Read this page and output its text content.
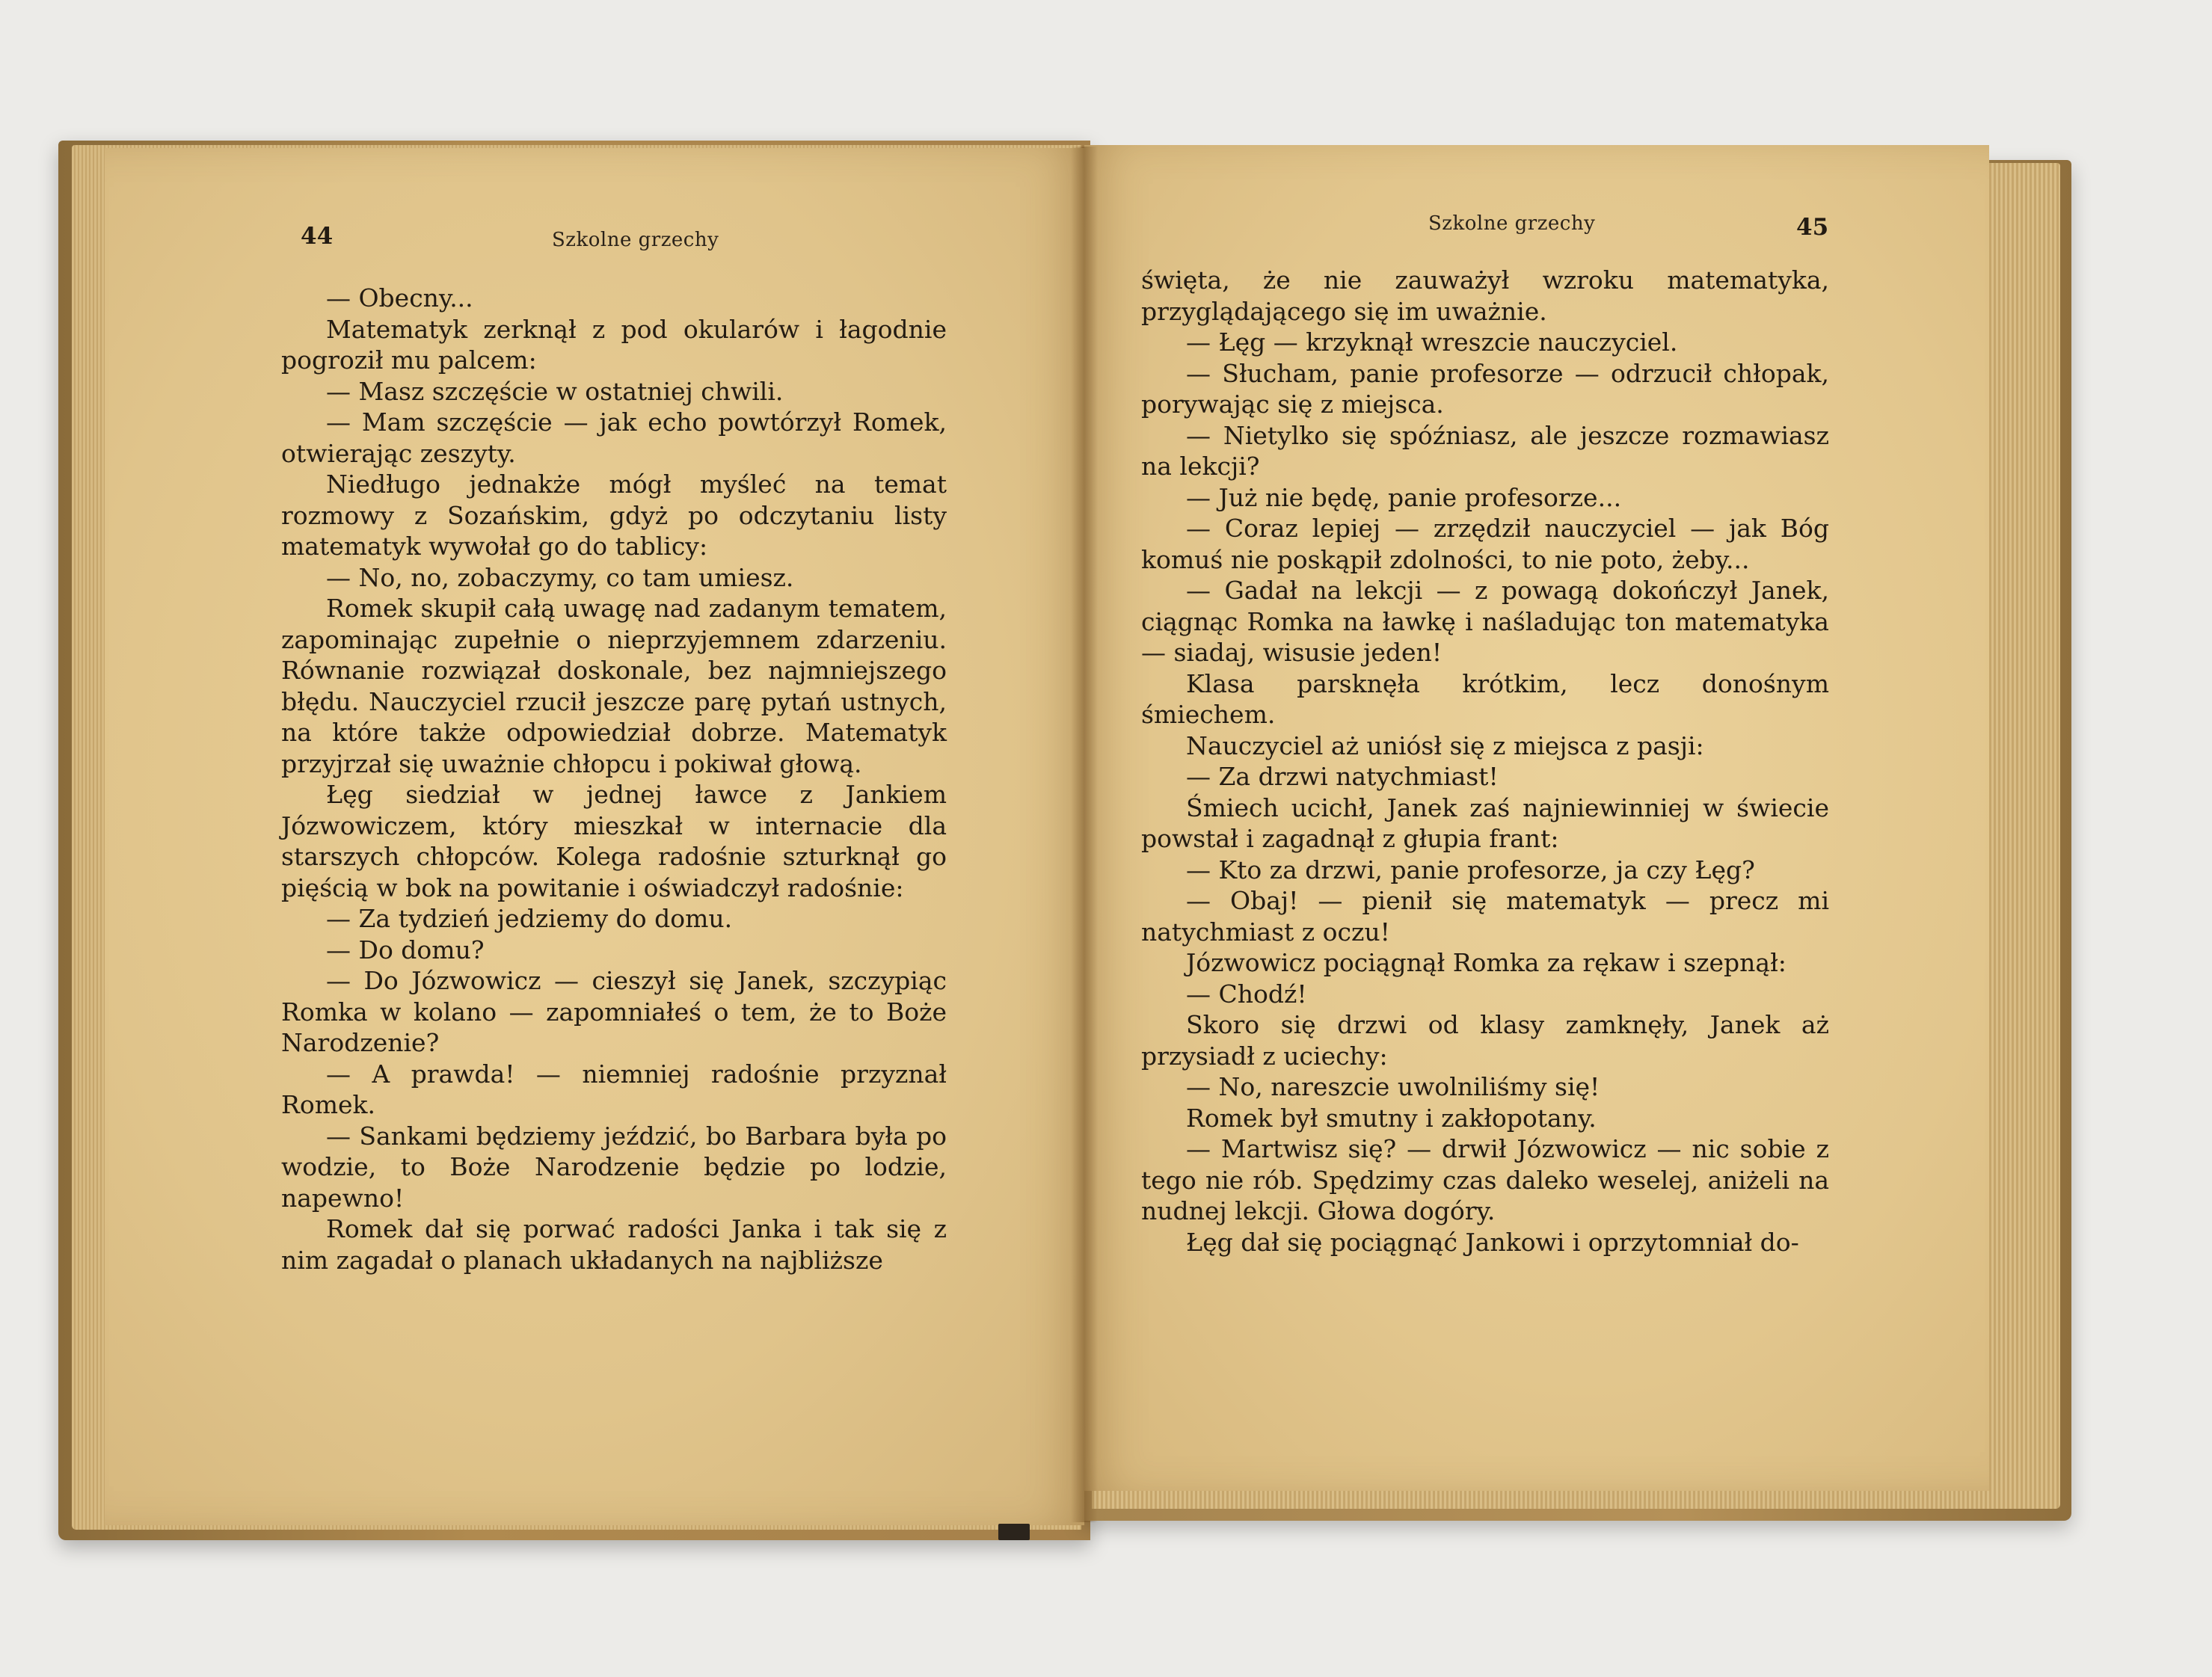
44	Szkolne grzechy

— Obecny...

Matematyk zerknął z pod okularów i łagodnie pogroził mu palcem:

— Masz szczęście w ostatniej chwili.

— Mam szczęście — jak echo powtórzył Romek, otwierając zeszyty.

Niedługo jednakże mógł myśleć na temat rozmowy z Sozańskim, gdyż po odczytaniu listy matematyk wywołał go do tablicy:

— No, no, zobaczymy, co tam umiesz.

Romek skupił całą uwagę nad zadanym tematem, zapominając zupełnie o nieprzyjemnem zdarzeniu. Równanie rozwiązał doskonale, bez najmniejszego błędu. Nauczyciel rzucił jeszcze parę pytań ustnych, na które także odpowiedział dobrze. Matematyk przyjrzał się uważnie chłopcu i pokiwał głową.

Łęg siedział w jednej ławce z Jankiem Józwowiczem, który mieszkał w internacie dla starszych chłopców. Kolega radośnie szturknął go pięścią w bok na powitanie i oświadczył radośnie:

— Za tydzień jedziemy do domu.

— Do domu?

— Do Józwowicz — cieszył się Janek, szczypiąc Romka w kolano — zapomniałeś o tem, że to Boże Narodzenie?

— A prawda! — niemniej radośnie przyznał Romek.

— Sankami będziemy jeździć, bo Barbara była po wodzie, to Boże Narodzenie będzie po lodzie, napewno!

Romek dał się porwać radości Janka i tak się z nim zagadał o planach układanych na najbliższe

Szkolne grzechy	45

święta, że nie zauważył wzroku matematyka, przyglądającego się im uważnie.

— Łęg — krzyknął wreszcie nauczyciel.

— Słucham, panie profesorze — odrzucił chłopak, porywając się z miejsca.

— Nietylko się spóźniasz, ale jeszcze rozmawiasz na lekcji?

— Już nie będę, panie profesorze...

— Coraz lepiej — zrzędził nauczyciel — jak Bóg komuś nie poskąpił zdolności, to nie poto, żeby...

— Gadał na lekcji — z powagą dokończył Janek, ciągnąc Romka na ławkę i naśladując ton matematyka — siadaj, wisusie jeden!

Klasa parsknęła krótkim, lecz donośnym śmiechem.

Nauczyciel aż uniósł się z miejsca z pasji:

— Za drzwi natychmiast!

Śmiech ucichł, Janek zaś najniewinniej w świecie powstał i zagadnął z głupia frant:

— Kto za drzwi, panie profesorze, ja czy Łęg?

— Obaj! — pienił się matematyk — precz mi natychmiast z oczu!

Józwowicz pociągnął Romka za rękaw i szepnął:

— Chodź!

Skoro się drzwi od klasy zamknęły, Janek aż przysiadł z uciechy:

— No, nareszcie uwolniliśmy się!

Romek był smutny i zakłopotany.

— Martwisz się? — drwił Józwowicz — nic sobie z tego nie rób. Spędzimy czas daleko weselej, aniżeli na nudnej lekcji. Głowa dogóry.

Łęg dał się pociągnąć Jankowi i oprzytomniał do-
